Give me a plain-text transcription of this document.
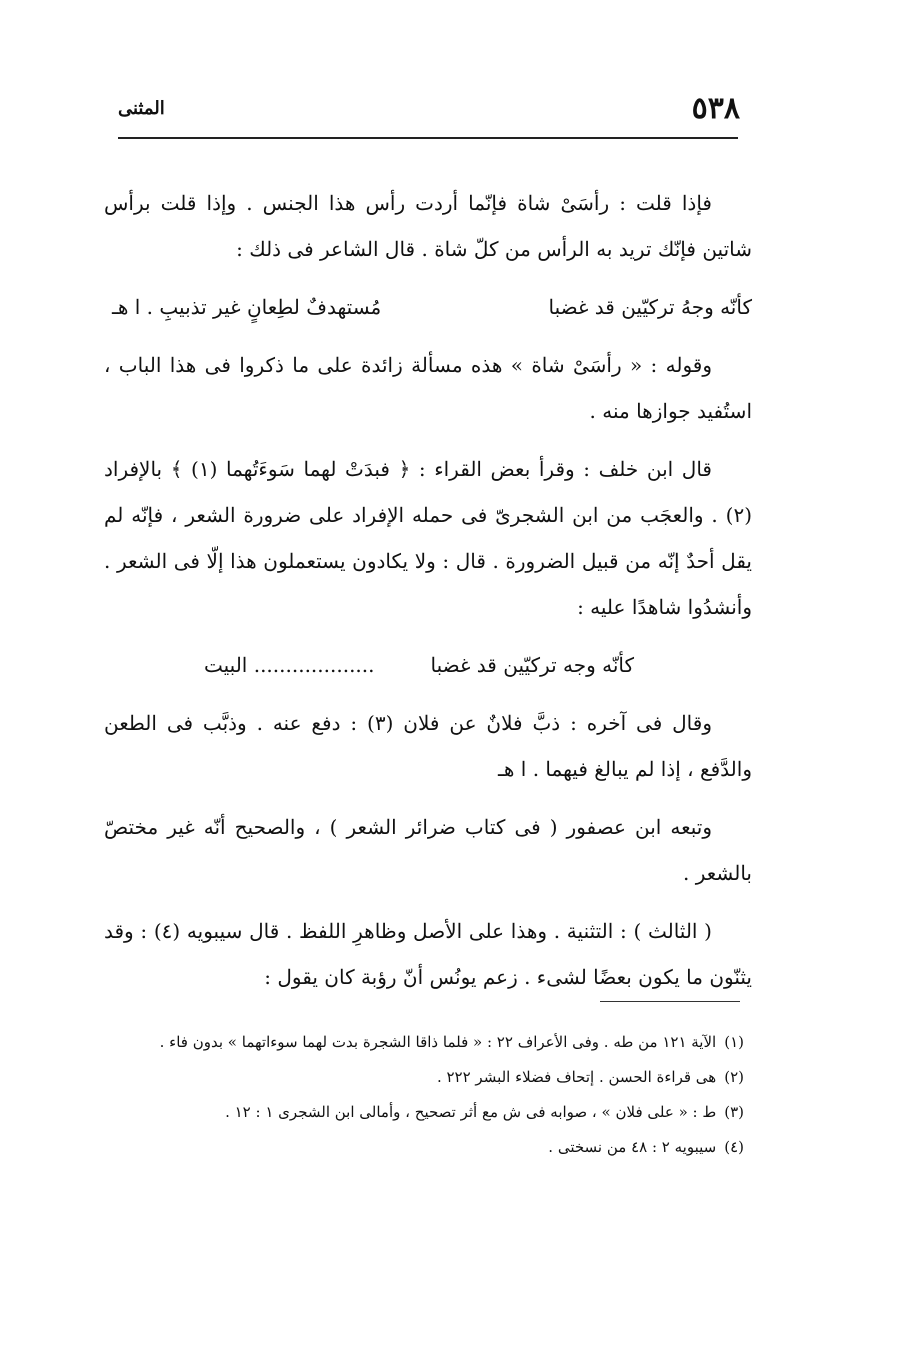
٥٣٨
المثنى

فإذا قلت : رأسَىْ شاة فإنّما أردت رأس هذا الجنس . وإذا قلت برأس شاتين فإنّك تريد به الرأس من كلّ شاة . قال الشاعر فى ذلك :

كأنّه وجهُ تركيّين قد غضبا
مُستهدفٌ لطِعانٍ غير تذبيبِ . ا هـ

وقوله : « رأسَىْ شاة » هذه مسألة زائدة على ما ذكروا فى هذا الباب ، استُفيد جوازها منه .

قال ابن خلف : وقرأ بعض القراء : ﴿ فبدَتْ لهما سَوءَتُهما (١) ﴾ بالإفراد (٢) . والعجَب من ابن الشجرىّ فى حمله الإفراد على ضرورة الشعر ، فإنّه لم يقل أحدٌ إنّه من قبيل الضرورة . قال : ولا يكادون يستعملون هذا إلّا فى الشعر . وأنشدُوا شاهدًا عليه :

كأنّه وجه تركيّين قد غضبا
................... البيت

وقال فى آخره : ذبَّ فلانٌ عن فلان (٣) : دفع عنه . وذبَّب فى الطعن والدَّفع ، إذا لم يبالغ فيهما . ا هـ

وتبعه ابن عصفور ( فى كتاب ضرائر الشعر ) ، والصحيح أنّه غير مختصّ بالشعر .

( الثالث ) : التثنية . وهذا على الأصل وظاهرِ اللفظ . قال سيبويه (٤) : وقد يثنّون ما يكون بعضًا لشىء . زعم يونُس أنّ رؤبة كان يقول :

(١)الآية ١٢١ من طه . وفى الأعراف ٢٢ : « فلما ذاقا الشجرة بدت لهما سوءاتهما » بدون فاء .

(٢)هى قراءة الحسن . إتحاف فضلاء البشر ٢٢٢ .

(٣)ط : « على فلان » ، صوابه فى ش مع أثر تصحيح ، وأمالى ابن الشجرى ١ : ١٢ .

(٤)سيبويه ٢ : ٤٨ من نسختى .
